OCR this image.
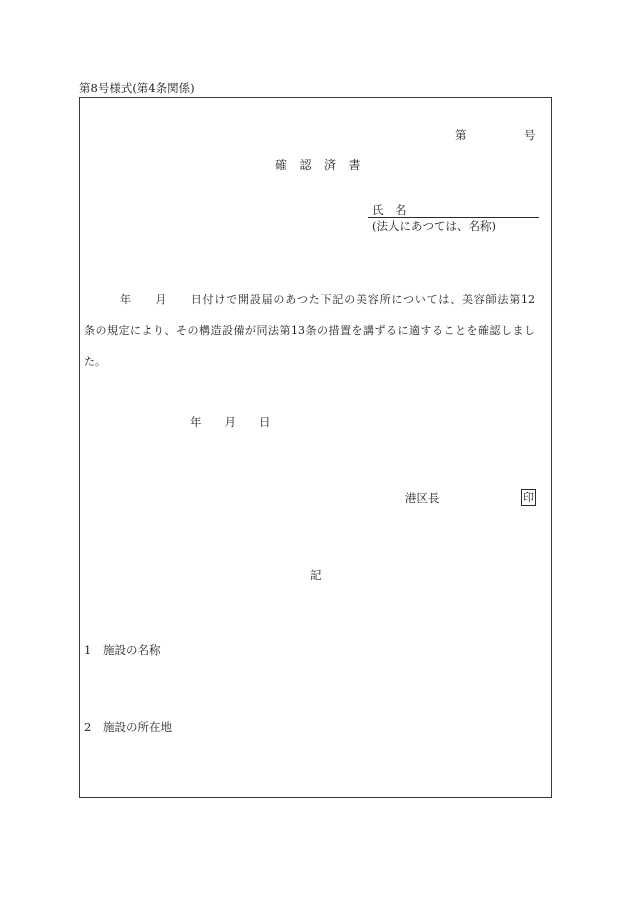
第8号様式(第4条関係)
第	号
確認済書
氏　名
(法人にあつては、名称)
年　　月　　日付けで開設届のあつた下記の美容所については、美容師法第12
条の規定により、その構造設備が同法第13条の措置を講ずるに適することを確認しまし
た。
年　　月　　日
港区長	印
記
1 施設の名称
2 施設の所在地
